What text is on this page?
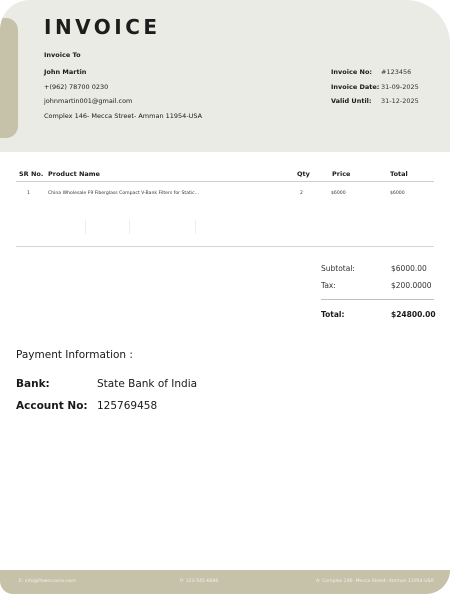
INVOICE
Invoice To
John Martin
+(962) 78700 0230
johnmartin001@gmail.com
Complex 146- Mecca Street- Amman 11954-USA
Invoice No: #123456
Invoice Date: 31-09-2025
Valid Until: 31-12-2025
SR No. Product Name	Qty	Price	Total
1	China Wholesale F9 Fiberglass Compact V-Bank Filters for Static...	2	$6000	$6000
Subtotal:	$6000.00
Tax:	$200.0000
Total:	$24800.00
Payment Information :
Bank:	State Bank of India
Account No: 125769458
E: info@Powercomo.com	P: 123-545-6686	A: Complex 146- Mecca Street- Amman 11954-USA
